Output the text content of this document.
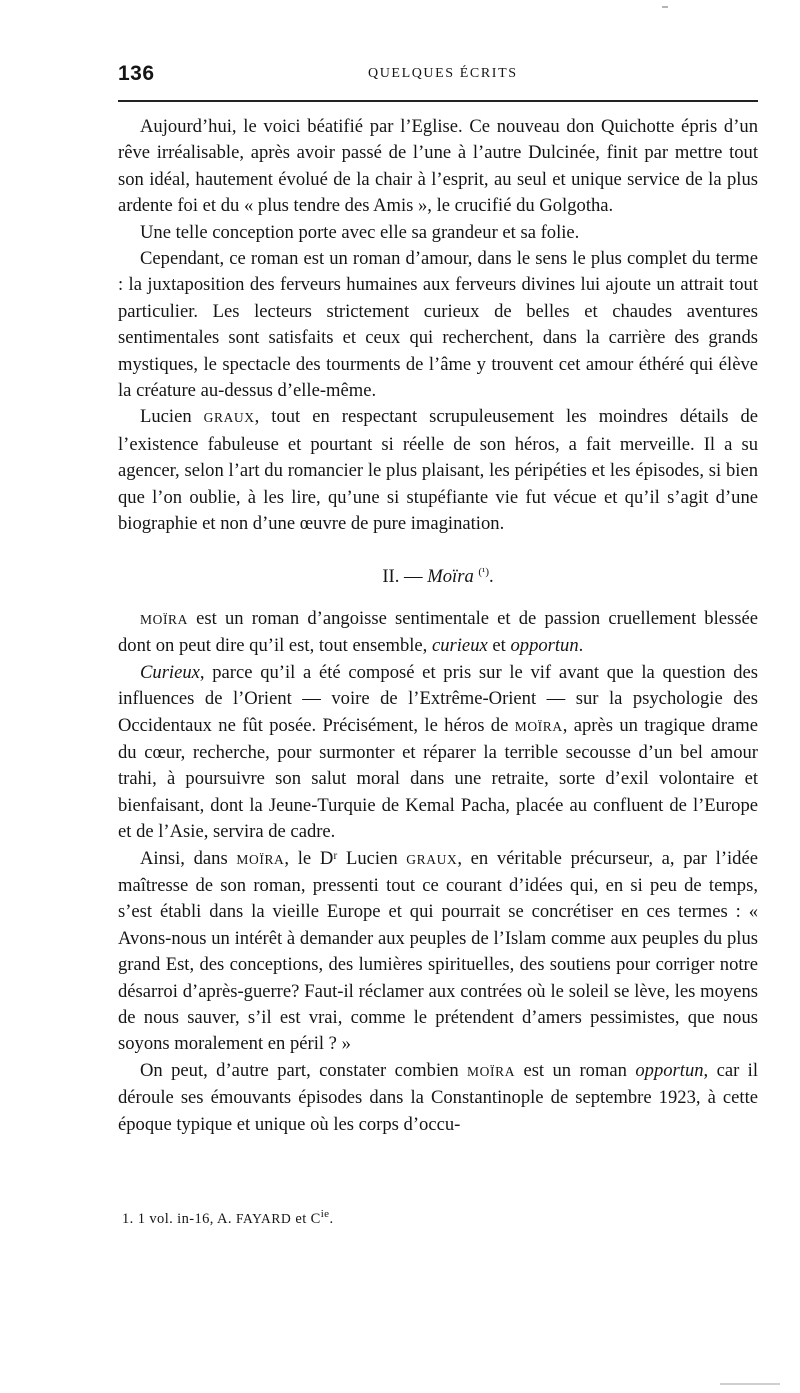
136	QUELQUES ÉCRITS

Aujourd’hui, le voici béatifié par l’Eglise. Ce nouveau don Quichotte épris d’un rêve irréalisable, après avoir passé de l’une à l’autre Dulcinée, finit par mettre tout son idéal, hautement évolué de la chair à l’esprit, au seul et unique service de la plus ardente foi et du « plus tendre des Amis », le crucifié du Golgotha.

Une telle conception porte avec elle sa grandeur et sa folie.

Cependant, ce roman est un roman d’amour, dans le sens le plus complet du terme : la juxtaposition des ferveurs humaines aux ferveurs divines lui ajoute un attrait tout particulier. Les lecteurs strictement curieux de belles et chaudes aventures sentimentales sont satisfaits et ceux qui recherchent, dans la carrière des grands mystiques, le spectacle des tourments de l’âme y trouvent cet amour éthéré qui élève la créature au-dessus d’elle-même.

Lucien GRAUX, tout en respectant scrupuleusement les moindres détails de l’existence fabuleuse et pourtant si réelle de son héros, a fait merveille. Il a su agencer, selon l’art du romancier le plus plaisant, les péripéties et les épisodes, si bien que l’on oublie, à les lire, qu’une si stupéfiante vie fut vécue et qu’il s’agit d’une biographie et non d’une œuvre de pure imagination.

II. — Moïra $^{(^1)}$.

MOÏRA est un roman d’angoisse sentimentale et de passion cruellement blessée dont on peut dire qu’il est, tout ensemble, curieux et opportun.

Curieux, parce qu’il a été composé et pris sur le vif avant que la question des influences de l’Orient — voire de l’Extrême-Orient — sur la psychologie des Occidentaux ne fût posée. Précisément, le héros de MOÏRA, après un tragique drame du cœur, recherche, pour surmonter et réparer la terrible secousse d’un bel amour trahi, à poursuivre son salut moral dans une retraite, sorte d’exil volontaire et bienfaisant, dont la Jeune-Turquie de Kemal Pacha, placée au confluent de l’Europe et de l’Asie, servira de cadre.

Ainsi, dans MOÏRA, le Dʳ Lucien GRAUX, en véritable précurseur, a, par l’idée maîtresse de son roman, pressenti tout ce courant d’idées qui, en si peu de temps, s’est établi dans la vieille Europe et qui pourrait se concrétiser en ces termes : « Avons-nous un intérêt à demander aux peuples de l’Islam comme aux peuples du plus grand Est, des conceptions, des lumières spirituelles, des soutiens pour corriger notre désarroi d’après-guerre? Faut-il réclamer aux contrées où le soleil se lève, les moyens de nous sauver, s’il est vrai, comme le prétendent d’amers pessimistes, que nous soyons moralement en péril ? »

On peut, d’autre part, constater combien MOÏRA est un roman opportun, car il déroule ses émouvants épisodes dans la Constantinople de septembre 1923, à cette époque typique et unique où les corps d’occu-

1. 1 vol. in-16, A. FAYARD et $C^{ie}$.
